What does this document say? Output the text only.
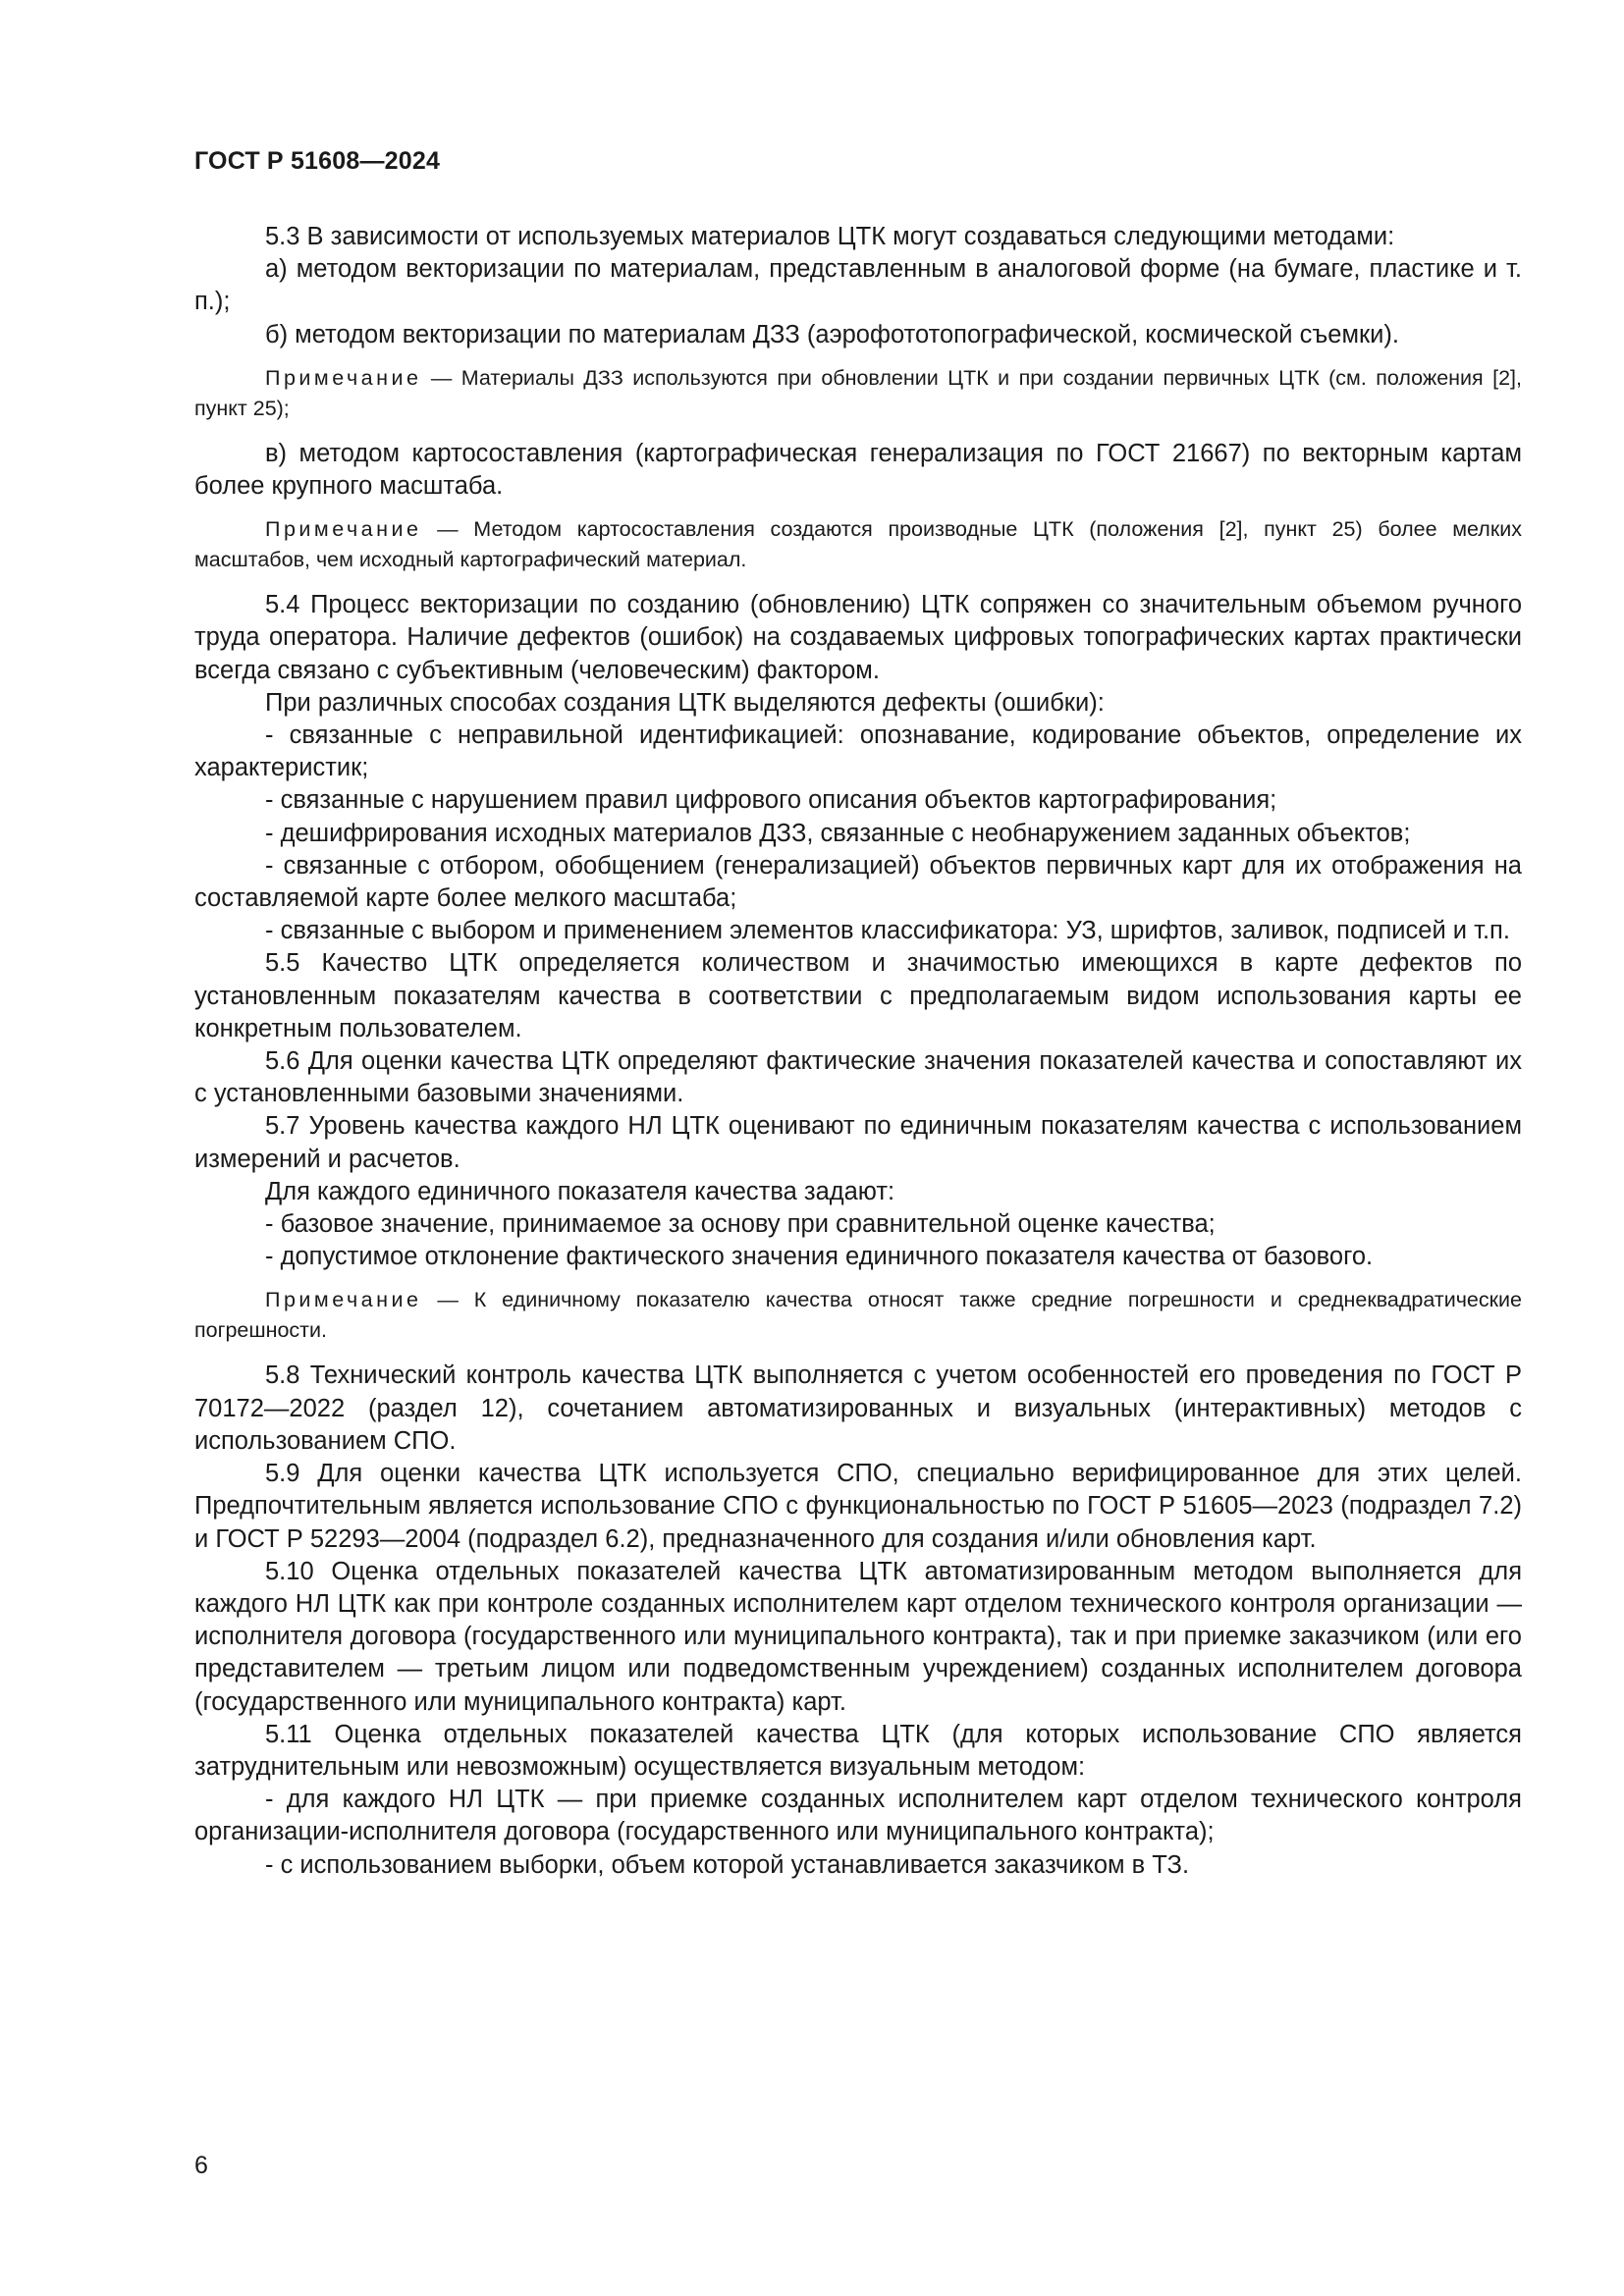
ГОСТ Р 51608—2024

5.3 В зависимости от используемых материалов ЦТК могут создаваться следующими методами:

а) методом векторизации по материалам, представленным в аналоговой форме (на бумаге, пластике и т. п.);

б) методом векторизации по материалам ДЗЗ (аэрофототопографической, космической съемки).

Примечание — Материалы ДЗЗ используются при обновлении ЦТК и при создании первичных ЦТК (см. положения [2], пункт 25);

в) методом картосоставления (картографическая генерализация по ГОСТ 21667) по векторным картам более крупного масштаба.

Примечание — Методом картосоставления создаются производные ЦТК (положения [2], пункт 25) более мелких масштабов, чем исходный картографический материал.

5.4 Процесс векторизации по созданию (обновлению) ЦТК сопряжен со значительным объемом ручного труда оператора. Наличие дефектов (ошибок) на создаваемых цифровых топографических картах практически всегда связано с субъективным (человеческим) фактором.

При различных способах создания ЦТК выделяются дефекты (ошибки):

- связанные с неправильной идентификацией: опознавание, кодирование объектов, определение их характеристик;

- связанные с нарушением правил цифрового описания объектов картографирования;

- дешифрирования исходных материалов ДЗЗ, связанные с необнаружением заданных объектов;

- связанные с отбором, обобщением (генерализацией) объектов первичных карт для их отображения на составляемой карте более мелкого масштаба;

- связанные с выбором и применением элементов классификатора: УЗ, шрифтов, заливок, подписей и т.п.

5.5 Качество ЦТК определяется количеством и значимостью имеющихся в карте дефектов по установленным показателям качества в соответствии с предполагаемым видом использования карты ее конкретным пользователем.

5.6 Для оценки качества ЦТК определяют фактические значения показателей качества и сопоставляют их с установленными базовыми значениями.

5.7 Уровень качества каждого НЛ ЦТК оценивают по единичным показателям качества с использованием измерений и расчетов.

Для каждого единичного показателя качества задают:

- базовое значение, принимаемое за основу при сравнительной оценке качества;

- допустимое отклонение фактического значения единичного показателя качества от базового.

Примечание — К единичному показателю качества относят также средние погрешности и среднеквадратические погрешности.

5.8 Технический контроль качества ЦТК выполняется с учетом особенностей его проведения по ГОСТ Р 70172—2022 (раздел 12), сочетанием автоматизированных и визуальных (интерактивных) методов с использованием СПО.

5.9 Для оценки качества ЦТК используется СПО, специально верифицированное для этих целей. Предпочтительным является использование СПО с функциональностью по ГОСТ Р 51605—2023 (подраздел 7.2) и ГОСТ Р 52293—2004 (подраздел 6.2), предназначенного для создания и/или обновления карт.

5.10 Оценка отдельных показателей качества ЦТК автоматизированным методом выполняется для каждого НЛ ЦТК как при контроле созданных исполнителем карт отделом технического контроля организации — исполнителя договора (государственного или муниципального контракта), так и при приемке заказчиком (или его представителем — третьим лицом или подведомственным учреждением) созданных исполнителем договора (государственного или муниципального контракта) карт.

5.11 Оценка отдельных показателей качества ЦТК (для которых использование СПО является затруднительным или невозможным) осуществляется визуальным методом:

- для каждого НЛ ЦТК — при приемке созданных исполнителем карт отделом технического контроля организации-исполнителя договора (государственного или муниципального контракта);

- с использованием выборки, объем которой устанавливается заказчиком в ТЗ.

6
